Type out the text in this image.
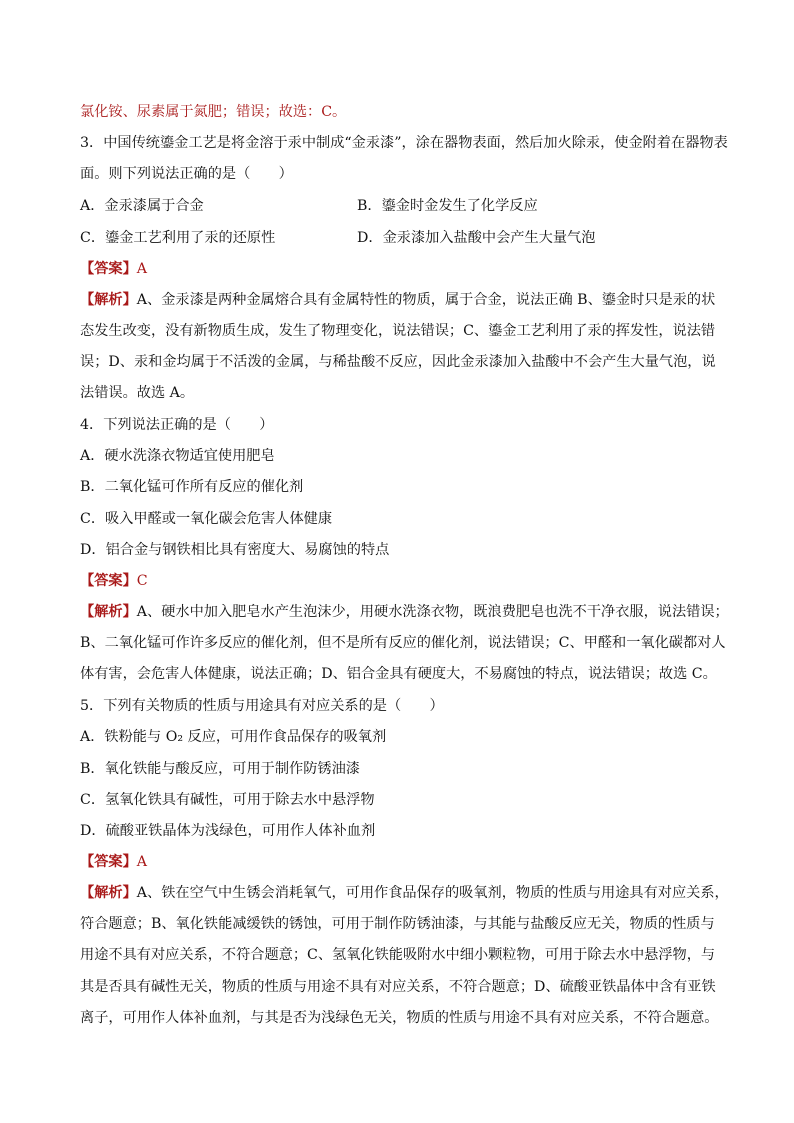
氯化铵、尿素属于氮肥；错误；故选：C。
3．中国传统鎏金工艺是将金溶于汞中制成“金汞漆”，涂在器物表面，然后加火除汞，使金附着在器物表
面。则下列说法正确的是（　　）
A．金汞漆属于合金	B．鎏金时金发生了化学反应
C．鎏金工艺利用了汞的还原性	D．金汞漆加入盐酸中会产生大量气泡
【答案】A
【解析】A、金汞漆是两种金属熔合具有金属特性的物质，属于合金，说法正确 B、鎏金时只是汞的状
态发生改变，没有新物质生成，发生了物理变化，说法错误；C、鎏金工艺利用了汞的挥发性，说法错
误；D、汞和金均属于不活泼的金属，与稀盐酸不反应，因此金汞漆加入盐酸中不会产生大量气泡，说
法错误。故选 A。
4．下列说法正确的是（　　）
A．硬水洗涤衣物适宜使用肥皂
B．二氧化锰可作所有反应的催化剂
C．吸入甲醛或一氧化碳会危害人体健康
D．铝合金与钢铁相比具有密度大、易腐蚀的特点
【答案】C
【解析】A、硬水中加入肥皂水产生泡沫少，用硬水洗涤衣物，既浪费肥皂也洗不干净衣服，说法错误；
B、二氧化锰可作许多反应的催化剂，但不是所有反应的催化剂，说法错误；C、甲醛和一氧化碳都对人
体有害，会危害人体健康，说法正确；D、铝合金具有硬度大，不易腐蚀的特点，说法错误；故选 C。
5．下列有关物质的性质与用途具有对应关系的是（　　）
A．铁粉能与 O₂ 反应，可用作食品保存的吸氧剂
B．氧化铁能与酸反应，可用于制作防锈油漆
C．氢氧化铁具有碱性，可用于除去水中悬浮物
D．硫酸亚铁晶体为浅绿色，可用作人体补血剂
【答案】A
【解析】A、铁在空气中生锈会消耗氧气，可用作食品保存的吸氧剂，物质的性质与用途具有对应关系，
符合题意；B、氧化铁能减缓铁的锈蚀，可用于制作防锈油漆，与其能与盐酸反应无关，物质的性质与
用途不具有对应关系，不符合题意；C、氢氧化铁能吸附水中细小颗粒物，可用于除去水中悬浮物，与
其是否具有碱性无关，物质的性质与用途不具有对应关系，不符合题意；D、硫酸亚铁晶体中含有亚铁
离子，可用作人体补血剂，与其是否为浅绿色无关，物质的性质与用途不具有对应关系，不符合题意。
